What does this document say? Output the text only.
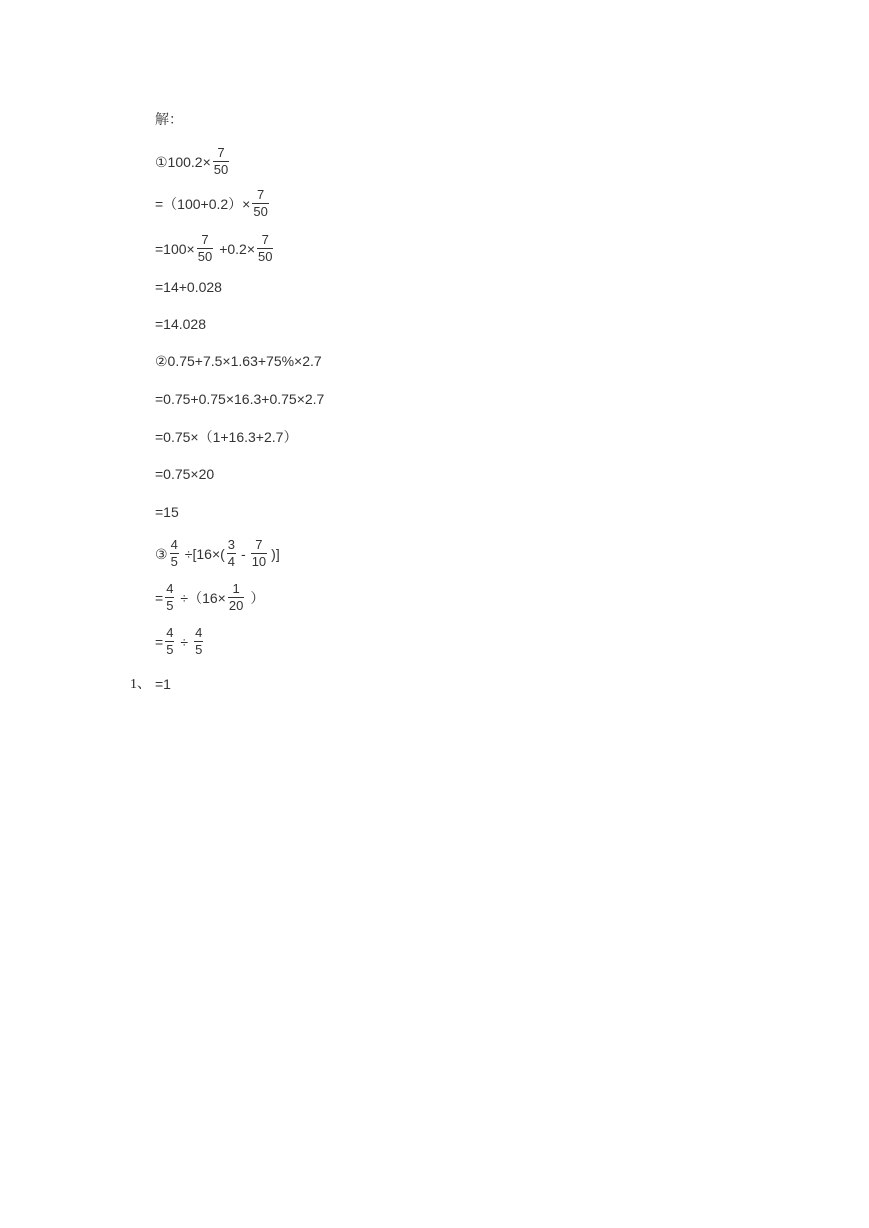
解：
①100.2× $\frac{7}{50}$
$=(100+0.2)\times \frac{7}{50}$
$=100\times \frac{7}{50} +0.2\times \frac{7}{50}$
=14+0.028
=14.028
②0.75+7.5×1.63+75%×2.7
=0.75+0.75×16.3+0.75×2.7
=0.75×（1+16.3+2.7）
=0.75×20
=15
③ $\frac{4}{5} \div[16\times( \frac{3}{4} - \frac{7}{10}$ )]
= $\frac{4}{5} \div(16\times \frac{1}{20}$ ）
= $\frac{4}{5} \div \frac{4}{5}$
1、 =1
